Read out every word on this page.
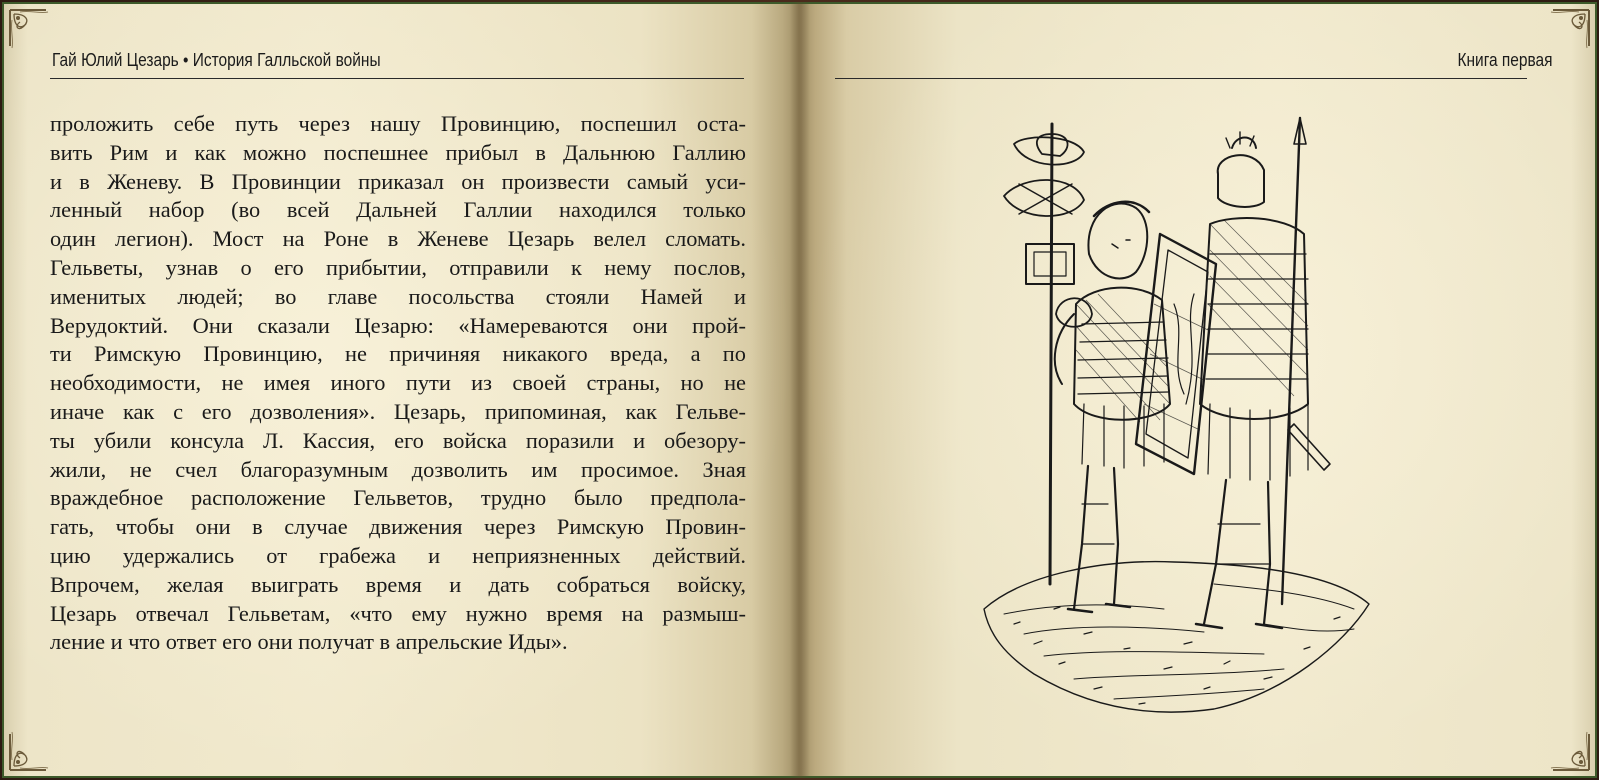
Гай Юлий Цезарь • История Галльской войны
проложить себе путь через нашу Провинцию, поспешил оста-
вить Рим и как можно поспешнее прибыл в Дальнюю Галлию
и в Женеву. В Провинции приказал он произвести самый уси-
ленный набор (во всей Дальней Галлии находился только
один легион). Мост на Роне в Женеве Цезарь велел сломать.
Гельветы, узнав о его прибытии, отправили к нему послов,
именитых людей; во главе посольства стояли Намей и
Верудоктий. Они сказали Цезарю: «Намереваются они прой-
ти Римскую Провинцию, не причиняя никакого вреда, а по
необходимости, не имея иного пути из своей страны, но не
иначе как с его дозволения». Цезарь, припоминая, как Гельве-
ты убили консула Л. Кассия, его войска поразили и обезору-
жили, не счел благоразумным дозволить им просимое. Зная
враждебное расположение Гельветов, трудно было предпола-
гать, чтобы они в случае движения через Римскую Провин-
цию удержались от грабежа и неприязненных действий.
Впрочем, желая выиграть время и дать собраться войску,
Цезарь отвечал Гельветам, «что ему нужно время на размыш-
ление и что ответ его они получат в апрельские Иды».
Книга первая
